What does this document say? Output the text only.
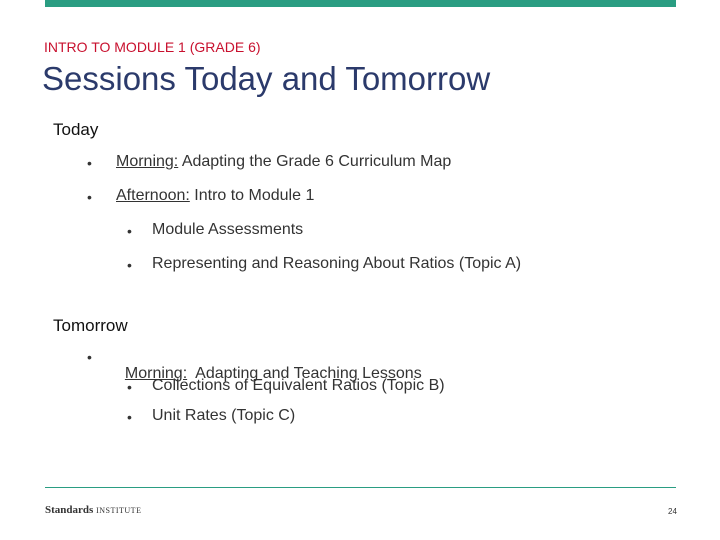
INTRO TO MODULE 1 (GRADE 6)
Sessions Today and Tomorrow
Today
• Morning: Adapting the Grade 6 Curriculum Map
• Afternoon: Intro to Module 1
• Module Assessments
• Representing and Reasoning About Ratios (Topic A)
Tomorrow
•

Morning:  Adapting and Teaching Lessons

• Collections of Equivalent Ratios (Topic B)
• Unit Rates (Topic C)
Standards INSTITUTE	24
